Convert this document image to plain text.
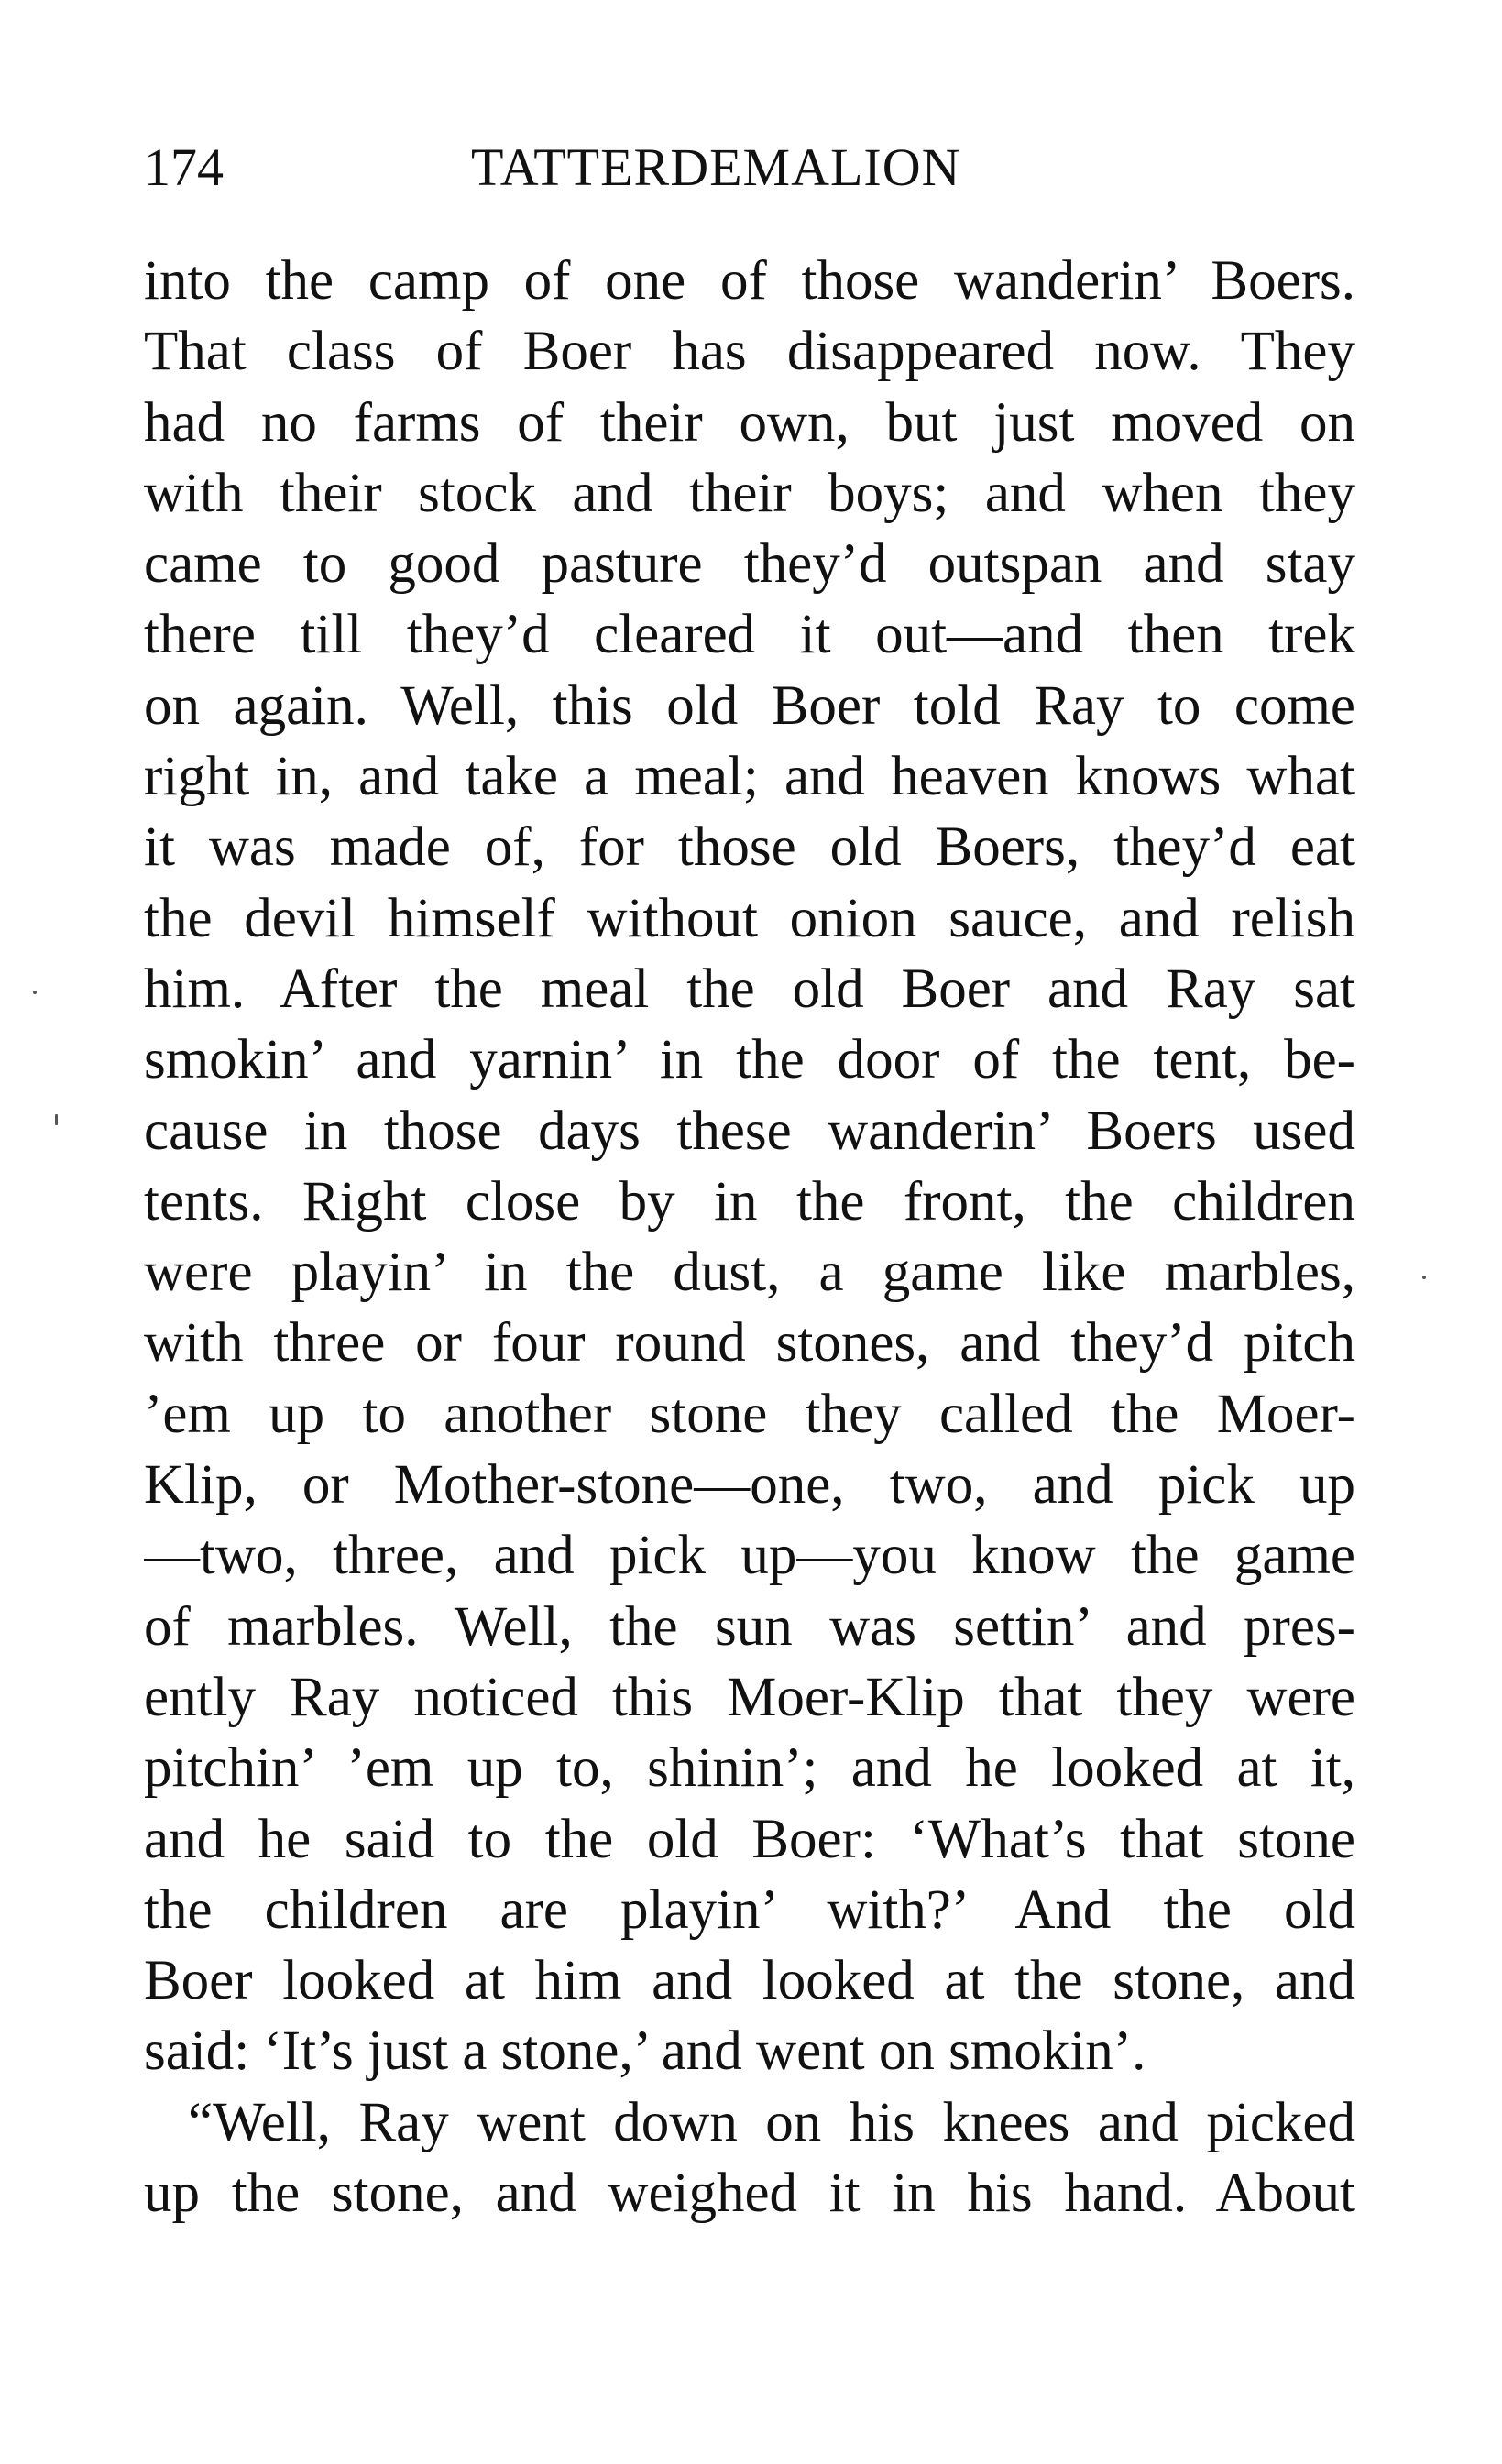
174	TATTERDEMALION
into the camp of one of those wanderin’ Boers.
That class of Boer has disappeared now. They
had no farms of their own, but just moved on
with their stock and their boys; and when they
came to good pasture they’d outspan and stay
there till they’d cleared it out—and then trek
on again. Well, this old Boer told Ray to come
right in, and take a meal; and heaven knows what
it was made of, for those old Boers, they’d eat
the devil himself without onion sauce, and relish
him. After the meal the old Boer and Ray sat
smokin’ and yarnin’ in the door of the tent, be-
cause in those days these wanderin’ Boers used
tents. Right close by in the front, the children
were playin’ in the dust, a game like marbles,
with three or four round stones, and they’d pitch
’em up to another stone they called the Moer-
Klip, or Mother-stone—one, two, and pick up
—two, three, and pick up—you know the game
of marbles. Well, the sun was settin’ and pres-
ently Ray noticed this Moer-Klip that they were
pitchin’ ’em up to, shinin’; and he looked at it,
and he said to the old Boer: ‘What’s that stone
the children are playin’ with?’ And the old
Boer looked at him and looked at the stone, and
said: ‘It’s just a stone,’ and went on smokin’.
“Well, Ray went down on his knees and picked
up the stone, and weighed it in his hand. About
